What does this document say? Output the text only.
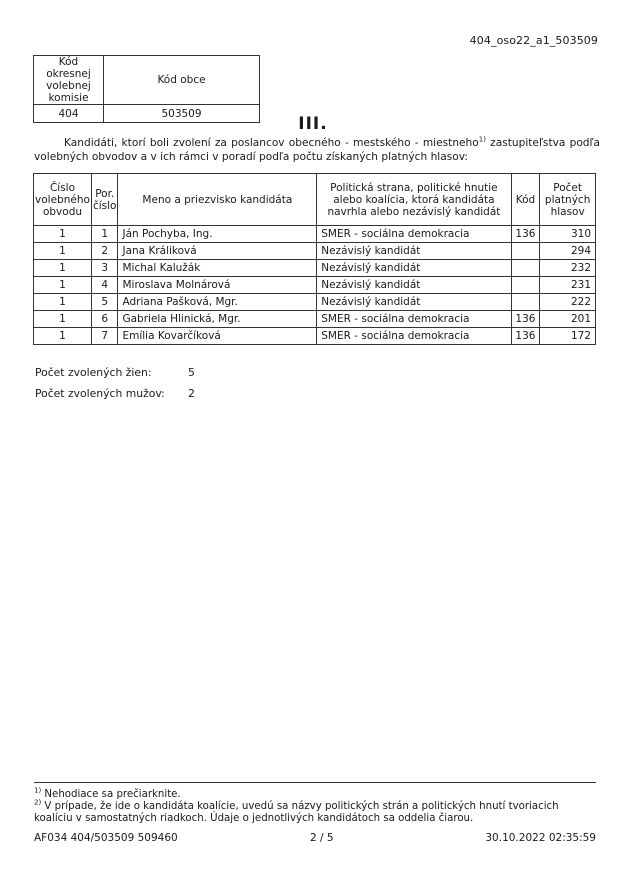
404_oso22_a1_503509
Kód okresnej volebnej komisie	Kód obce
404	503509
III.
Kandidáti, ktorí boli zvolení za poslancov obecného - mestského - miestneho$^{1)}$ zastupiteľstva podľa volebných obvodov a v ich rámci v poradí podľa počtu získaných platných hlasov:
Číslo volebného obvodu	Por. číslo	Meno a priezvisko kandidáta	Politická strana, politické hnutie alebo koalícia, ktorá kandidáta navrhla alebo nezávislý kandidát	Kód	Počet platných hlasov
1	1	Ján Pochyba, Ing.	SMER - sociálna demokracia	136	310
1	2	Jana Králiková	Nezávislý kandidát		294
1	3	Michal Kalužák	Nezávislý kandidát		232
1	4	Miroslava Molnárová	Nezávislý kandidát		231
1	5	Adriana Pašková, Mgr.	Nezávislý kandidát		222
1	6	Gabriela Hlinická, Mgr.	SMER - sociálna demokracia	136	201
1	7	Emília Kovarčíková	SMER - sociálna demokracia	136	172
Počet zvolených žien:	5
Počet zvolených mužov: 2
$^{1)}$ Nehodiace sa prečiarknite.
$^{2)}$ V prípade, že ide o kandidáta koalície, uvedú sa názvy politických strán a politických hnutí tvoriacich koalíciu v samostatných riadkoch. Údaje o jednotlivých kandidátoch sa oddelia čiarou.
AF034 404/503509 509460	2 / 5	30.10.2022 02:35:59
